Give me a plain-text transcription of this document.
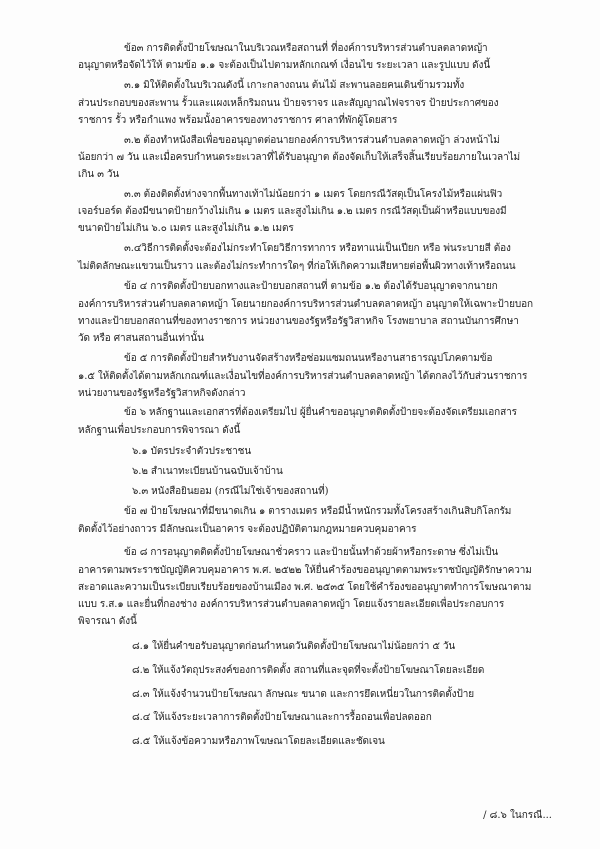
ข้อ๓ การติดตั้งป้ายโฆษณาในบริเวณหรือสถานที่ ที่องค์การบริหารส่วนตำบลตลาดหญ้า
อนุญาตหรือจัดไว้ให้ ตามข้อ ๑.๑ จะต้องเป็นไปตามหลักเกณฑ์ เงื่อนไข ระยะเวลา และรูปแบบ ดังนี้
๓.๑ มิให้ติดตั้งในบริเวณดังนี้ เกาะกลางถนน ต้นไม้ สะพานลอยคนเดินข้ามรวมทั้ง
ส่วนประกอบของสะพาน รั้วและแผงเหล็กริมถนน ป้ายจราจร และสัญญาณไฟจราจร ป้ายประกาศของ
ราชการ รั้ว หรือกำแพง พร้อมนั้งอาคารของทางราชการ ศาลาที่พักผู้โดยสาร
๓.๒ ต้องทำหนังสือเพื่อขออนุญาตต่อนายกองค์การบริหารส่วนตำบลตลาดหญ้า ล่วงหน้าไม่
น้อยกว่า ๗ วัน และเมื่อครบกำหนดระยะเวลาที่ได้รับอนุญาต ต้องจัดเก็บให้เสร็จสิ้นเรียบร้อยภายในเวลาไม่
เกิน ๓ วัน
๓.๓ ต้องติดตั้งห่างจากพื้นทางเท้าไม่น้อยกว่า ๑ เมตร โดยกรณีวัสดุเป็นโครงไม้หรือแผ่นฟิว
เจอร์บอร์ด ต้องมีขนาดป้ายกว้างไม่เกิน ๑ เมตร และสูงไม่เกิน ๑.๒ เมตร กรณีวัสดุเป็นผ้าหรือแบบของมี
ขนาดป้ายไม่เกิน ๖.๐ เมตร และสูงไม่เกิน ๑.๒ เมตร
๓.๔วิธีการติดตั้งจะต้องไม่กระทำโดยวิธีการทาการ หรือทาแน่เป็นเปียก หรือ พ่นระบายสี ต้อง
ไม่ติดลักษณะแขวนเป็นราว และต้องไม่กระทำการใดๆ ที่ก่อให้เกิดความเสียหายต่อพื้นผิวทางเท้าหรือถนน
ข้อ ๔ การติดตั้งป้ายบอกทางและป้ายบอกสถานที่ ตามข้อ ๑.๒ ต้องได้รับอนุญาตจากนายก
องค์การบริหารส่วนตำบลตลาดหญ้า โดยนายกองค์การบริหารส่วนตำบลตลาดหญ้า อนุญาตให้เฉพาะป้ายบอก
ทางและป้ายบอกสถานที่ของทางราชการ หน่วยงานของรัฐหรือรัฐวิสาหกิจ โรงพยาบาล สถานบันการศึกษา
วัด หรือ ศาสนสถานอื่นเท่านั้น
ข้อ ๕ การติดตั้งป้ายสำหรับงานจัดสร้างหรือซ่อมแซมถนนหรืองานสาธารณูปโภคตามข้อ
๑.๕ ให้ติดตั้งได้ตามหลักเกณฑ์และเงื่อนไขที่องค์การบริหารส่วนตำบลตลาดหญ้า ได้ตกลงไว้กับส่วนราชการ
หน่วยงานของรัฐหรือรัฐวิสาหกิจดังกล่าว
ข้อ ๖ หลักฐานและเอกสารที่ต้องเตรียมไป ผู้ยื่นคำขออนุญาตติดตั้งป้ายจะต้องจัดเตรียมเอกสาร
หลักฐานเพื่อประกอบการพิจารณา ดังนี้
๖.๑ บัตรประจำตัวประชาชน
๖.๒ สำเนาทะเบียนบ้านฉบับเจ้าบ้าน
๖.๓ หนังสือยินยอม (กรณีไม่ใช่เจ้าของสถานที่)
ข้อ ๗ ป้ายโฆษณาที่มีขนาดเกิน ๑ ตารางเมตร หรือมีน้ำหนักรวมทั้งโครงสร้างเกินสิบกิโลกรัม
ติดตั้งไว้อย่างถาวร มีลักษณะเป็นอาคาร จะต้องปฏิบัติตามกฎหมายควบคุมอาคาร
ข้อ ๘ การอนุญาตติดตั้งป้ายโฆษณาชั่วคราว และป้ายนั้นทำด้วยผ้าหรือกระดาษ ซึ่งไม่เป็น
อาคารตามพระราชบัญญัติควบคุมอาคาร พ.ศ. ๒๕๒๒ ให้ยื่นคำร้องขออนุญาตตามพระราชบัญญัติรักษาความ
สะอาดและความเป็นระเบียบเรียบร้อยของบ้านเมือง พ.ศ. ๒๕๓๕ โดยใช้คำร้องขออนุญาตทำการโฆษณาตาม
แบบ ร.ส.๑ และยื่นที่กองช่าง องค์การบริหารส่วนตำบลตลาดหญ้า โดยแจ้งรายละเอียดเพื่อประกอบการ
พิจารณา ดังนี้
๘.๑ ให้ยื่นคำขอรับอนุญาตก่อนกำหนดวันติดตั้งป้ายโฆษณาไม่น้อยกว่า ๕ วัน
๘.๒ ให้แจ้งวัตถุประสงค์ของการติดตั้ง สถานที่และจุดที่จะตั้งป้ายโฆษณาโดยละเอียด
๘.๓ ให้แจ้งจำนวนป้ายโฆษณา ลักษณะ ขนาด และการยึดเหนี่ยวในการติดตั้งป้าย
๘.๔ ให้แจ้งระยะเวลาการติดตั้งป้ายโฆษณาและการรื้อถอนเพื่อปลดออก
๘.๕ ให้แจ้งข้อความหรือภาพโฆษณาโดยละเอียดและชัดเจน
/ ๘.๖ ในกรณี...
